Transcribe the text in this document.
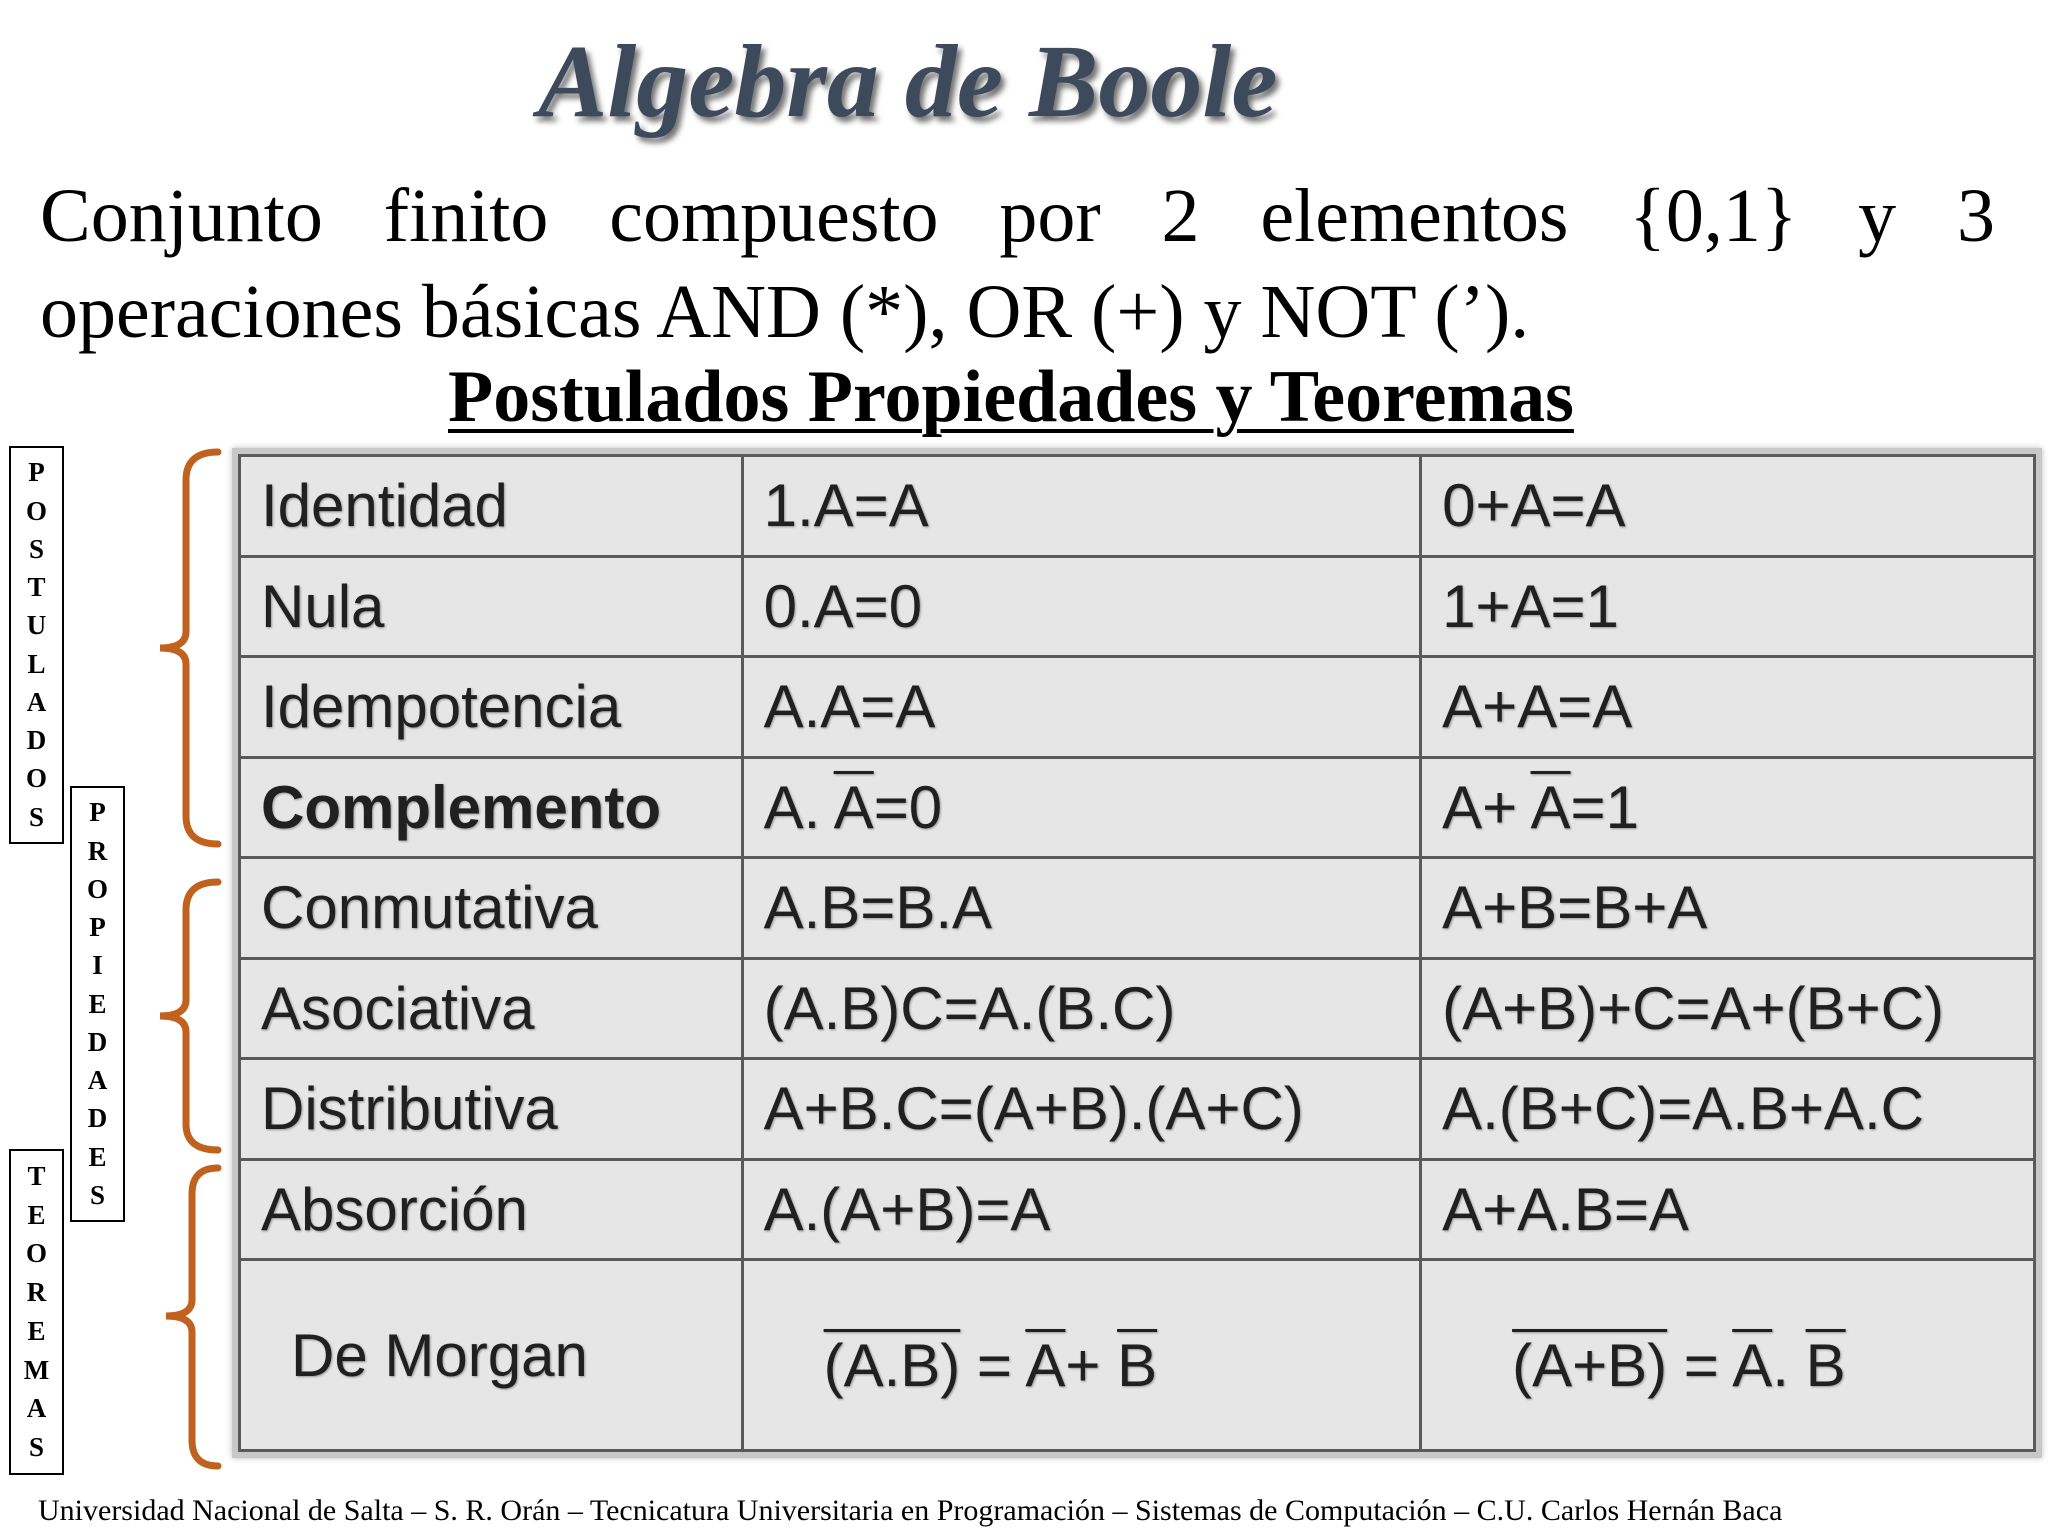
Algebra de Boole
Conjunto finito compuesto por 2 elementos {0,1} y 3
operaciones básicas AND (*), OR (+) y NOT (’).
Postulados Propiedades y Teoremas
P
O
S
T
U
L
A
D
O
S P
R
O
P
I
E
D
A
D
E
S
T
E
O
R
E
M
A
S
Identidad	1.A=A	0+A=A
Nula	0.A=0	1+A=1
Idempotencia	A.A=A	A+A=A
Complemento	A. $\overline{A}=0$	$A+ \overline{A}=1$
Conmutativa	A.B=B.A	A+B=B+A
Asociativa	(A.B)C=A.(B.C)	(A+B)+C=A+(B+C)
Distributiva	A+B.C=(A+B).(A+C)	A.(B+C)=A.B+A.C
Absorción	A.(A+B)=A	A+A.B=A
De Morgan	$(A.B) = \overline{A}+ \overline{B}$	$(A+B) = \overline{A}$. $\overline{B}$
Universidad Nacional de Salta – S. R. Orán – Tecnicatura Universitaria en Programación – Sistemas de Computación – C.U. Carlos Hernán Baca
